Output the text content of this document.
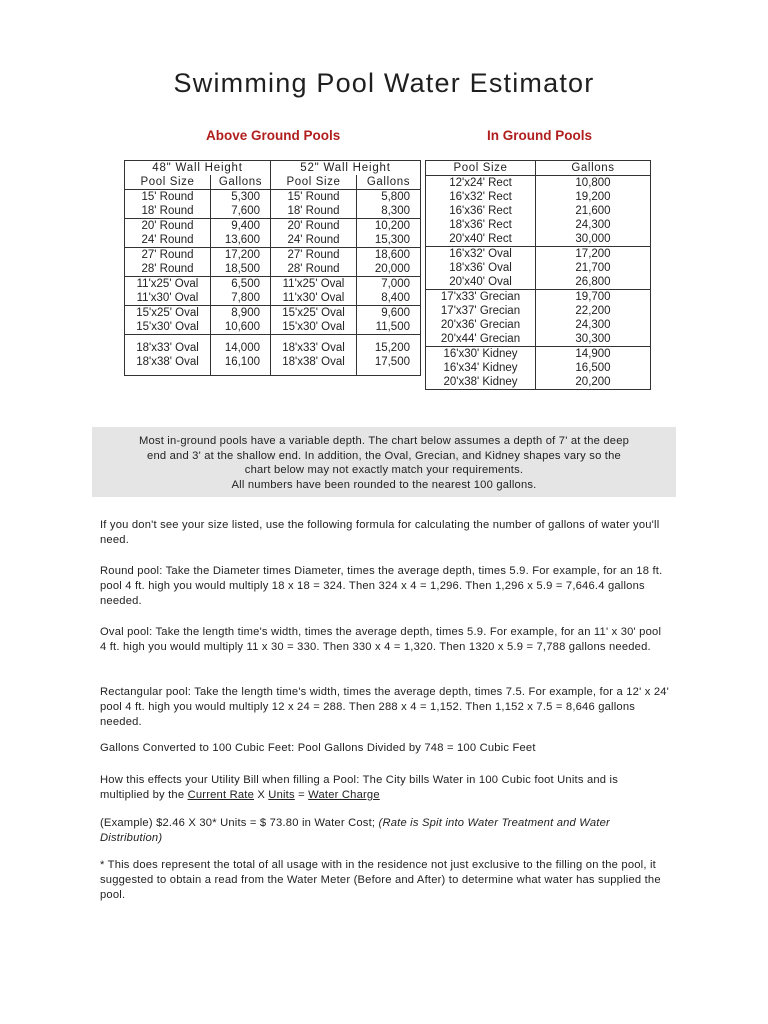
Swimming Pool Water Estimator
Above Ground Pools	In Ground Pools
48" Wall Height		52" Wall Height	
Pool Size	Gallons	Pool Size	Gallons
15' Round	5,300	15' Round	5,800
18' Round	7,600	18' Round	8,300
20' Round	9,400	20' Round	10,200
24' Round	13,600	24' Round	15,300
27' Round	17,200	27' Round	18,600
28' Round	18,500	28' Round	20,000
11'x25' Oval	6,500	11'x25' Oval	7,000
11'x30' Oval	7,800	11'x30' Oval	8,400
15'x25' Oval	8,900	15'x25' Oval	9,600
15'x30' Oval	10,600	15'x30' Oval	11,500
18'x33' Oval	14,000	18'x33' Oval	15,200
18'x38' Oval	16,100	18'x38' Oval	17,500
Pool Size	Gallons
12'x24' Rect	10,800
16'x32' Rect	19,200
16'x36' Rect	21,600
18'x36' Rect	24,300
20'x40' Rect	30,000
16'x32' Oval	17,200
18'x36' Oval	21,700
20'x40' Oval	26,800
17'x33' Grecian	19,700
17'x37' Grecian	22,200
20'x36' Grecian	24,300
20'x44' Grecian	30,300
16'x30' Kidney	14,900
16'x34' Kidney	16,500
20'x38' Kidney	20,200
Most in-ground pools have a variable depth. The chart below assumes a depth of 7' at the deep
end and 3' at the shallow end. In addition, the Oval, Grecian, and Kidney shapes vary so the
chart below may not exactly match your requirements.
All numbers have been rounded to the nearest 100 gallons.
If you don't see your size listed, use the following formula for calculating the number of gallons of water you'll need.
Round pool: Take the Diameter times Diameter, times the average depth, times 5.9. For example, for an 18 ft. pool 4 ft. high you would multiply 18 x 18 = 324. Then 324 x 4 = 1,296. Then 1,296 x 5.9 = 7,646.4 gallons needed.
Oval pool: Take the length time's width, times the average depth, times 5.9. For example, for an 11' x 30' pool 4 ft. high you would multiply 11 x 30 = 330. Then 330 x 4 = 1,320. Then 1320 x 5.9 = 7,788 gallons needed.
Rectangular pool: Take the length time's width, times the average depth, times 7.5. For example, for a 12' x 24' pool 4 ft. high you would multiply 12 x 24 = 288. Then 288 x 4 = 1,152. Then 1,152 x 7.5 = 8,646 gallons needed.
Gallons Converted to 100 Cubic Feet: Pool Gallons Divided by 748 = 100 Cubic Feet
How this effects your Utility Bill when filling a Pool: The City bills Water in 100 Cubic foot Units and is multiplied by the Current Rate X Units = Water Charge
(Example) $2.46 X 30* Units = $ 73.80 in Water Cost; (Rate is Spit into Water Treatment and Water Distribution)
* This does represent the total of all usage with in the residence not just exclusive to the filling on the pool, it suggested to obtain a read from the Water Meter (Before and After) to determine what water has supplied the pool.
